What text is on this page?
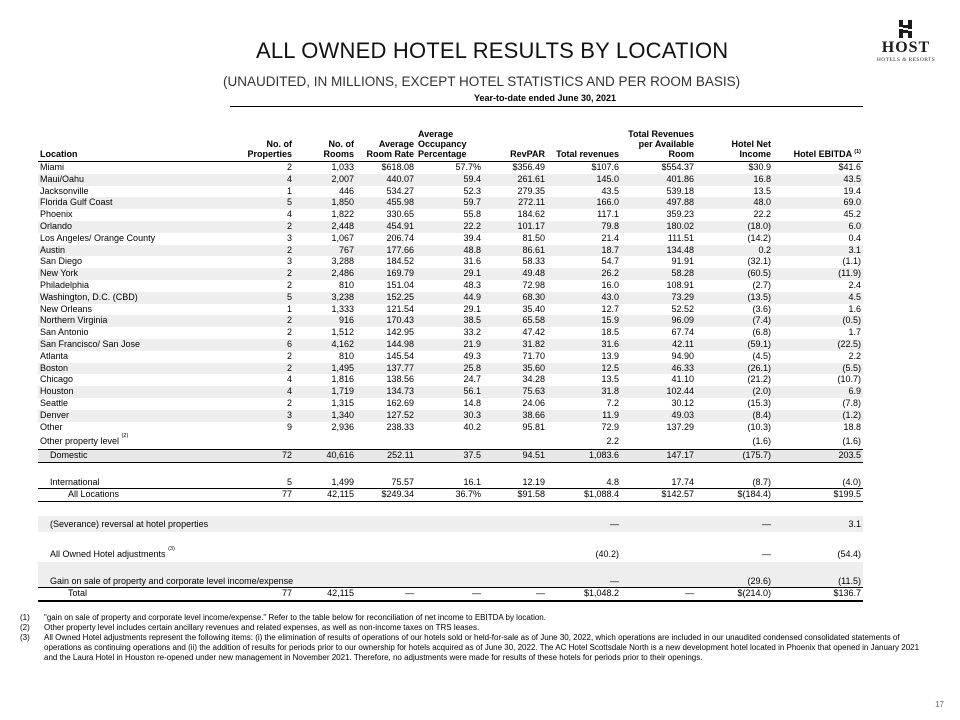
ALL OWNED HOTEL RESULTS BY LOCATION
(UNAUDITED, IN MILLIONS, EXCEPT HOTEL STATISTICS AND PER ROOM BASIS)
Year-to-date ended June 30, 2021
HOST
HOTELS & RESORTS
Location	No. of Properties	No. of Rooms	Average Room Rate	Average Occupancy Percentage	RevPAR	Total revenues	Total Revenues per Available Room	Hotel Net Income	Hotel EBITDA $^{(1)}$
Miami	2	1,033	$618.08	57.7%	$356.49	$107.6	$554.37	$30.9	$41.6
Maui/Oahu	4	2,007	440.07	59.4	261.61	145.0	401.86	16.8	43.5
Jacksonville	1	446	534.27	52.3	279.35	43.5	539.18	13.5	19.4
Florida Gulf Coast	5	1,850	455.98	59.7	272.11	166.0	497.88	48.0	69.0
Phoenix	4	1,822	330.65	55.8	184.62	117.1	359.23	22.2	45.2
Orlando	2	2,448	454.91	22.2	101.17	79.8	180.02	(18.0)	6.0
Los Angeles/ Orange County	3	1,067	206.74	39.4	81.50	21.4	111.51	(14.2)	0.4
Austin	2	767	177.66	48.8	86.61	18.7	134.48	0.2	3.1
San Diego	3	3,288	184.52	31.6	58.33	54.7	91.91	(32.1)	(1.1)
New York	2	2,486	169.79	29.1	49.48	26.2	58.28	(60.5)	(11.9)
Philadelphia	2	810	151.04	48.3	72.98	16.0	108.91	(2.7)	2.4
Washington, D.C. (CBD)	5	3,238	152.25	44.9	68.30	43.0	73.29	(13.5)	4.5
New Orleans	1	1,333	121.54	29.1	35.40	12.7	52.52	(3.6)	1.6
Northern Virginia	2	916	170.43	38.5	65.58	15.9	96.09	(7.4)	(0.5)
San Antonio	2	1,512	142.95	33.2	47.42	18.5	67.74	(6.8)	1.7
San Francisco/ San Jose	6	4,162	144.98	21.9	31.82	31.6	42.11	(59.1)	(22.5)
Atlanta	2	810	145.54	49.3	71.70	13.9	94.90	(4.5)	2.2
Boston	2	1,495	137.77	25.8	35.60	12.5	46.33	(26.1)	(5.5)
Chicago	4	1,816	138.56	24.7	34.28	13.5	41.10	(21.2)	(10.7)
Houston	4	1,719	134.73	56.1	75.63	31.8	102.44	(2.0)	6.9
Seattle	2	1,315	162.69	14.8	24.06	7.2	30.12	(15.3)	(7.8)
Denver	3	1,340	127.52	30.3	38.66	11.9	49.03	(8.4)	(1.2)
Other	9	2,936	238.33	40.2	95.81	72.9	137.29	(10.3)	18.8
Other property level $^{(2)}$						2.2		(1.6)	(1.6)
Domestic	72	40,616	252.11	37.5	94.51	1,083.6	147.17	(175.7)	203.5

International	5	1,499	75.57	16.1	12.19	4.8	17.74	(8.7)	(4.0)
All Locations	77	42,115	$249.34	36.7%	$91.58	$1,088.4	$142.57	$(184.4)	$199.5

(Severance) reversal at hotel properties						—		—	3.1

All Owned Hotel adjustments $^{(3)}$						(40.2)		—	(54.4)
Gain on sale of property and corporate level income/expense						—		(29.6)	(11.5)
Total	77	42,115	—	—	—	$1,048.2	—	$(214.0)	$136.7
(1) "gain on sale of property and corporate level income/expense." Refer to the table below for reconciliation of net income to EBITDA by location.
(2) Other property level includes certain ancillary revenues and related expenses, as well as non-income taxes on TRS leases.
(3) All Owned Hotel adjustments represent the following items: (i) the elimination of results of operations of our hotels sold or held-for-sale as of June 30, 2022, which operations are included in our unaudited condensed consolidated statements of operations as continuing operations and (ii) the addition of results for periods prior to our ownership for hotels acquired as of June 30, 2022. The AC Hotel Scottsdale North is a new development hotel located in Phoenix that opened in January 2021 and the Laura Hotel in Houston re-opened under new management in November 2021. Therefore, no adjustments were made for results of these hotels for periods prior to their openings.
17
